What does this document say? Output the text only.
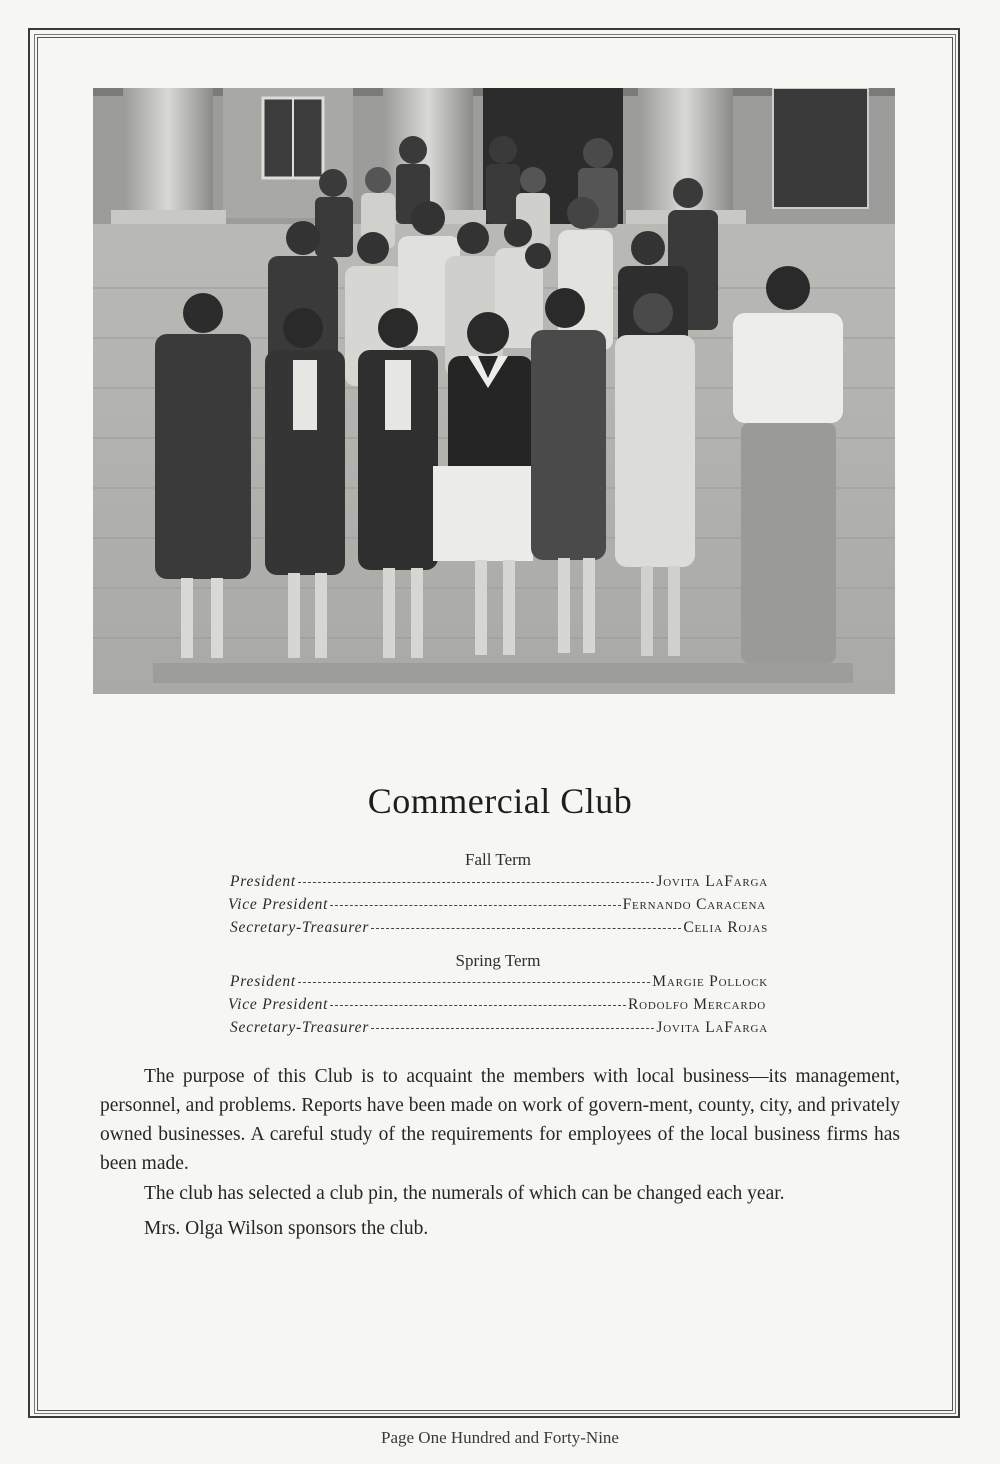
Commercial Club
Fall Term
President	Jovita LaFarga
Vice President	Fernando Caracena
Secretary-Treasurer	Celia Rojas
Spring Term
President	Margie Pollock
Vice President	Rodolfo Mercardo
Secretary-Treasurer	Jovita LaFarga

The purpose of this Club is to acquaint the members with local business—its management, personnel, and problems. Reports have been made on work of govern-ment, county, city, and privately owned businesses. A careful study of the requirements for employees of the local business firms has been made.

The club has selected a club pin, the numerals of which can be changed each year.

Mrs. Olga Wilson sponsors the club.

Page One Hundred and Forty-Nine
